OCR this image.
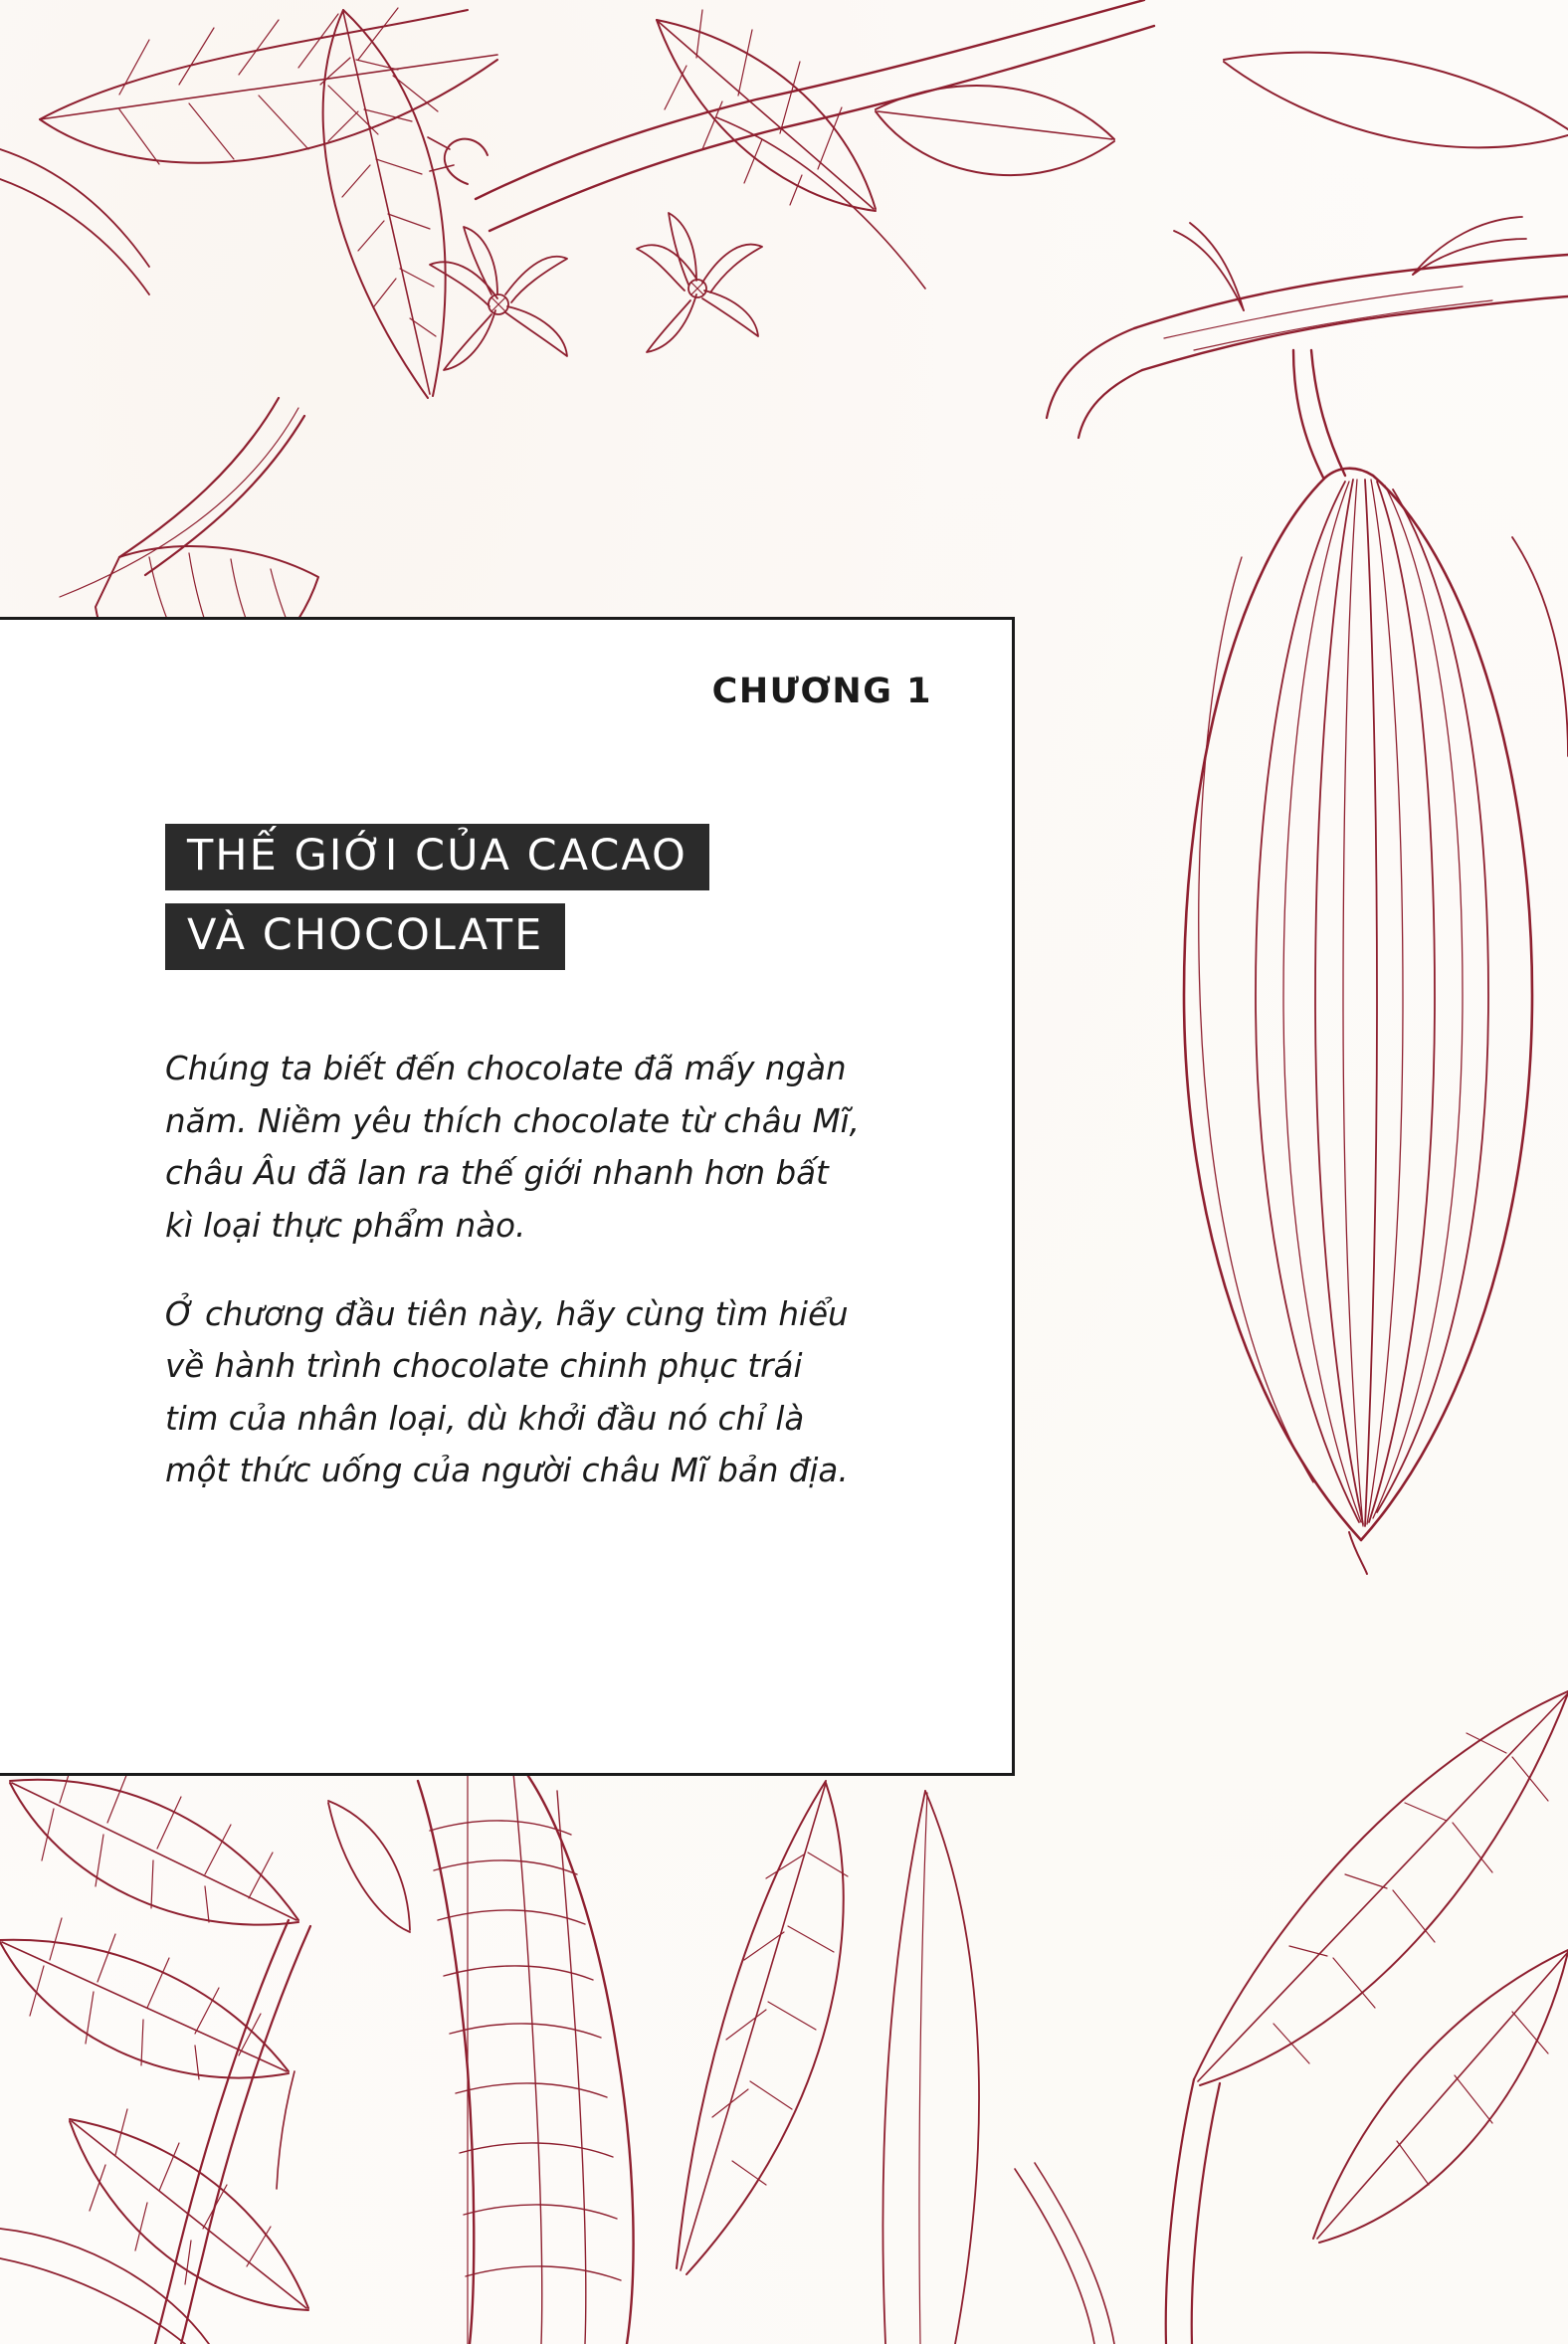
CHƯƠNG 1
THẾ GIỚI CỦA CACAO
VÀ CHOCOLATE

Chúng ta biết đến chocolate đã mấy ngàn năm. Niềm yêu thích chocolate từ châu Mĩ, châu Âu đã lan ra thế giới nhanh hơn bất kì loại thực phẩm nào.

Ở chương đầu tiên này, hãy cùng tìm hiểu về hành trình chocolate chinh phục trái tim của nhân loại, dù khởi đầu nó chỉ là một thức uống của người châu Mĩ bản địa.
